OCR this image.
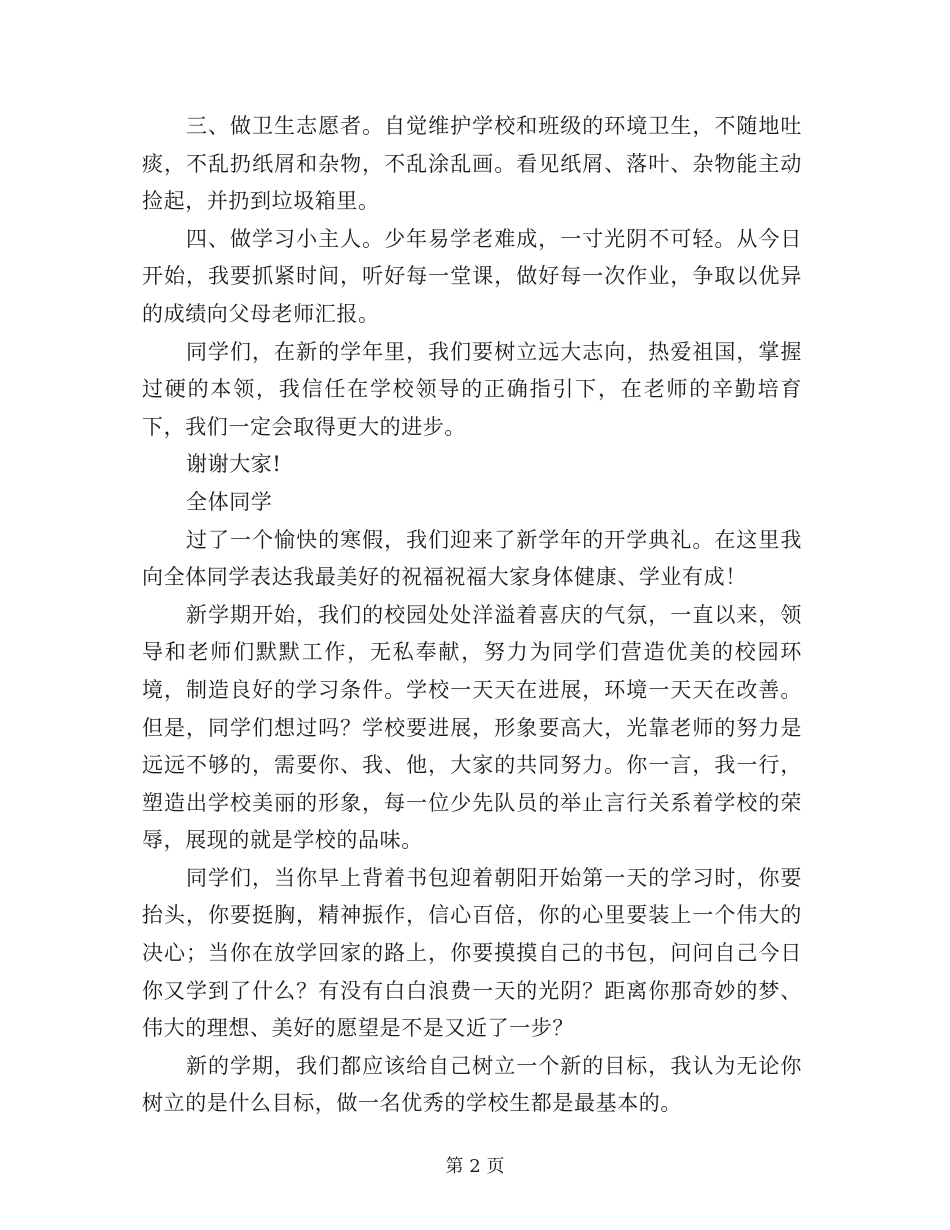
三、做卫生志愿者。自觉维护学校和班级的环境卫生，不随地吐痰，不乱扔纸屑和杂物，不乱涂乱画。看见纸屑、落叶、杂物能主动捡起，并扔到垃圾箱里。

四、做学习小主人。少年易学老难成，一寸光阴不可轻。从今日开始，我要抓紧时间，听好每一堂课，做好每一次作业，争取以优异的成绩向父母老师汇报。

同学们，在新的学年里，我们要树立远大志向，热爱祖国，掌握过硬的本领，我信任在学校领导的正确指引下，在老师的辛勤培育下，我们一定会取得更大的进步。

谢谢大家!

全体同学

过了一个愉快的寒假，我们迎来了新学年的开学典礼。在这里我向全体同学表达我最美好的祝福祝福大家身体健康、学业有成！

新学期开始，我们的校园处处洋溢着喜庆的气氛，一直以来，领导和老师们默默工作，无私奉献，努力为同学们营造优美的校园环境，制造良好的学习条件。学校一天天在进展，环境一天天在改善。但是，同学们想过吗？学校要进展，形象要高大，光靠老师的努力是远远不够的，需要你、我、他，大家的共同努力。你一言，我一行，塑造出学校美丽的形象，每一位少先队员的举止言行关系着学校的荣辱，展现的就是学校的品味。

同学们，当你早上背着书包迎着朝阳开始第一天的学习时，你要抬头，你要挺胸，精神振作，信心百倍，你的心里要装上一个伟大的决心；当你在放学回家的路上，你要摸摸自己的书包，问问自己今日你又学到了什么？有没有白白浪费一天的光阴？距离你那奇妙的梦、伟大的理想、美好的愿望是不是又近了一步？

新的学期，我们都应该给自己树立一个新的目标，我认为无论你树立的是什么目标，做一名优秀的学校生都是最基本的。

第 2 页
